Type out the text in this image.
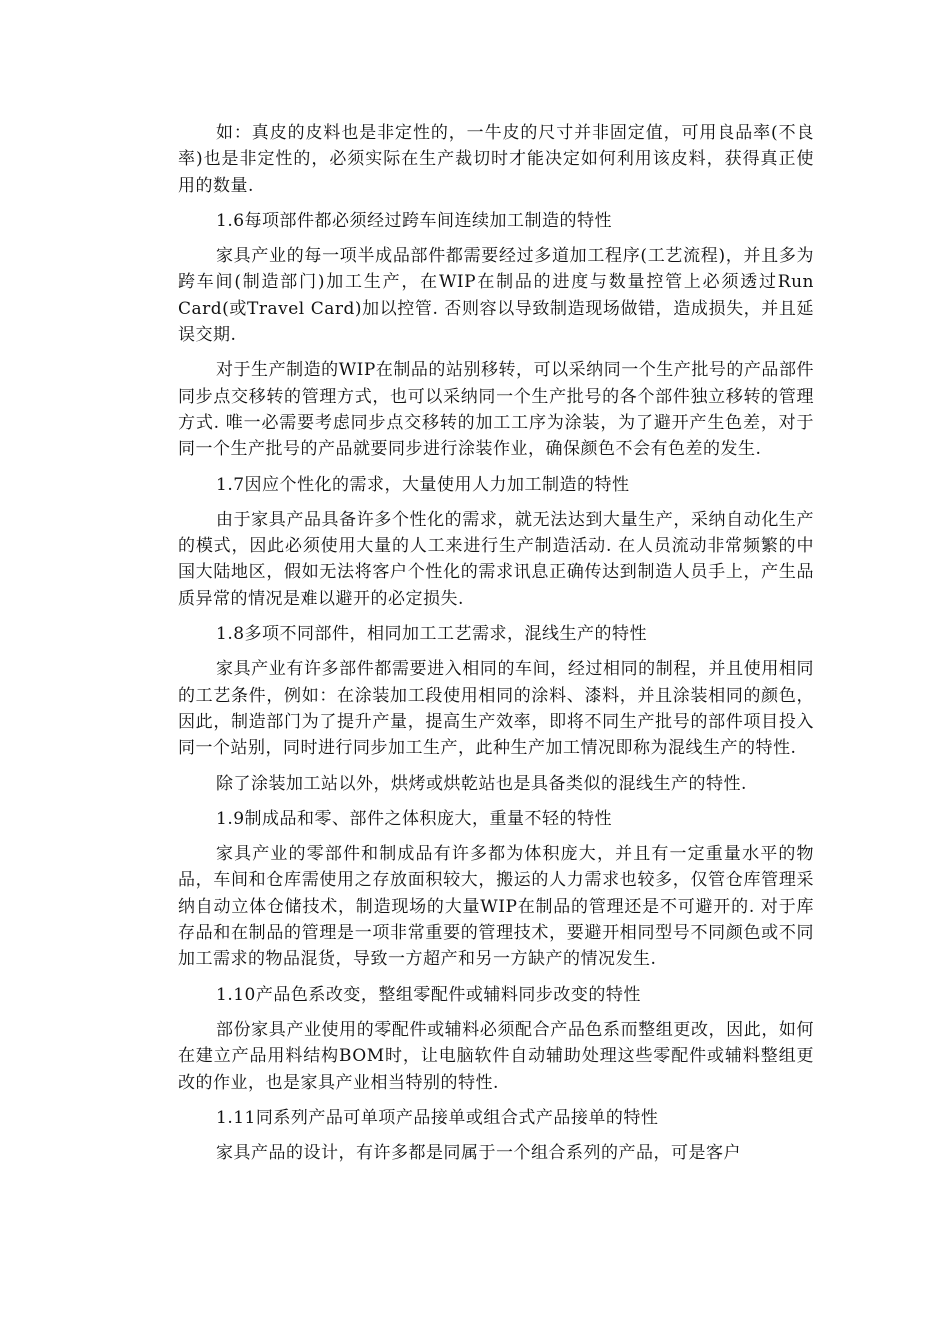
如：真皮的皮料也是非定性的，一牛皮的尺寸并非固定值，可用良品率(不良率)也是非定性的，必须实际在生产裁切时才能决定如何利用该皮料，获得真正使用的数量.

1.6每项部件都必须经过跨车间连续加工制造的特性

家具产业的每一项半成品部件都需要经过多道加工程序(工艺流程)，并且多为跨车间(制造部门)加工生产，在WIP在制品的进度与数量控管上必须透过Run Card(或Travel Card)加以控管. 否则容以导致制造现场做错，造成损失，并且延误交期.

对于生产制造的WIP在制品的站别移转，可以采纳同一个生产批号的产品部件同步点交移转的管理方式，也可以采纳同一个生产批号的各个部件独立移转的管理方式. 唯一必需要考虑同步点交移转的加工工序为涂装，为了避开产生色差，对于同一个生产批号的产品就要同步进行涂装作业，确保颜色不会有色差的发生.

1.7因应个性化的需求，大量使用人力加工制造的特性

由于家具产品具备许多个性化的需求，就无法达到大量生产，采纳自动化生产的模式，因此必须使用大量的人工来进行生产制造活动. 在人员流动非常频繁的中国大陆地区，假如无法将客户个性化的需求讯息正确传达到制造人员手上，产生品质异常的情况是难以避开的必定损失.

1.8多项不同部件，相同加工工艺需求，混线生产的特性

家具产业有许多部件都需要进入相同的车间，经过相同的制程，并且使用相同的工艺条件，例如：在涂装加工段使用相同的涂料、漆料，并且涂装相同的颜色，因此，制造部门为了提升产量，提高生产效率，即将不同生产批号的部件项目投入同一个站别，同时进行同步加工生产，此种生产加工情况即称为混线生产的特性.

除了涂装加工站以外，烘烤或烘乾站也是具备类似的混线生产的特性.

1.9制成品和零、部件之体积庞大，重量不轻的特性

家具产业的零部件和制成品有许多都为体积庞大，并且有一定重量水平的物品，车间和仓库需使用之存放面积较大，搬运的人力需求也较多，仅管仓库管理采纳自动立体仓储技术，制造现场的大量WIP在制品的管理还是不可避开的. 对于库存品和在制品的管理是一项非常重要的管理技术，要避开相同型号不同颜色或不同加工需求的物品混货，导致一方超产和另一方缺产的情况发生.

1.10产品色系改变，整组零配件或辅料同步改变的特性

部份家具产业使用的零配件或辅料必须配合产品色系而整组更改，因此，如何在建立产品用料结构BOM时，让电脑软件自动辅助处理这些零配件或辅料整组更改的作业，也是家具产业相当特别的特性.

1.11同系列产品可单项产品接单或组合式产品接单的特性

家具产品的设计，有许多都是同属于一个组合系列的产品，可是客户
